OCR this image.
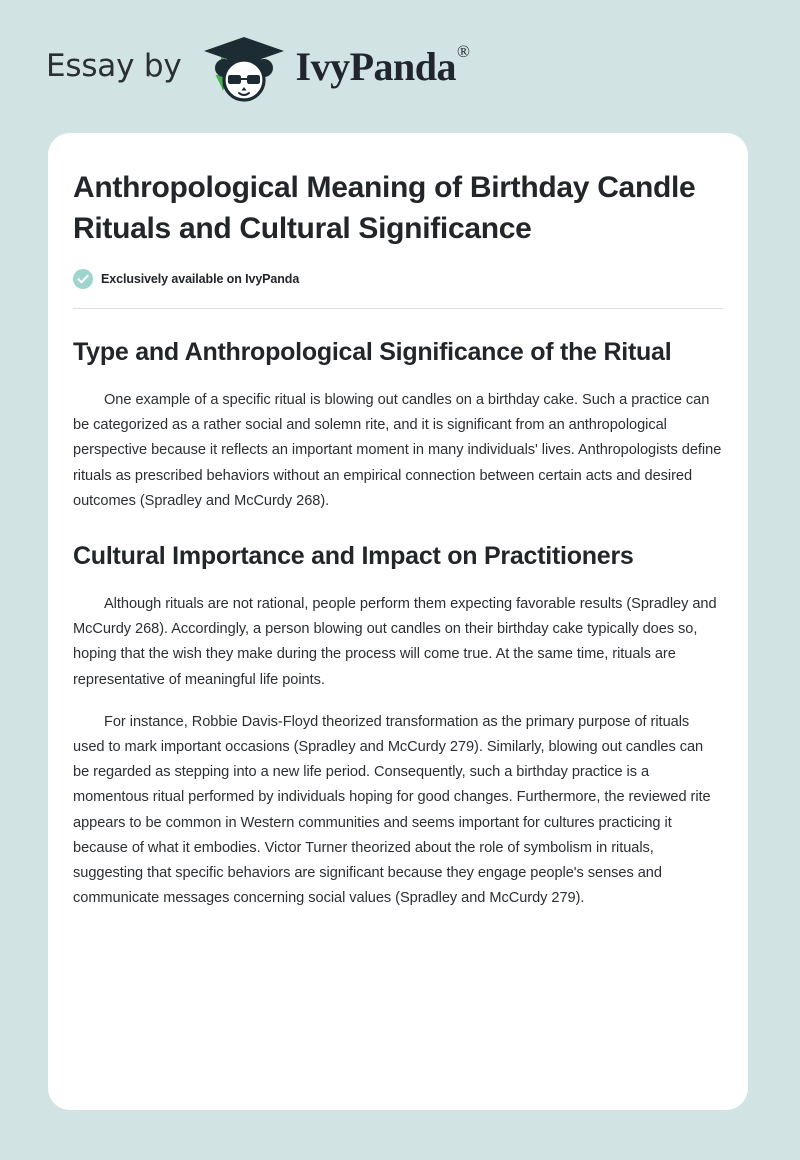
Essay by	IvyPanda®
Anthropological Meaning of Birthday Candle Rituals and Cultural Significance
Exclusively available on IvyPanda
Type and Anthropological Significance of the Ritual

One example of a specific ritual is blowing out candles on a birthday cake. Such a practice can be categorized as a rather social and solemn rite, and it is significant from an anthropological perspective because it reflects an important moment in many individuals' lives. Anthropologists define rituals as prescribed behaviors without an empirical connection between certain acts and desired outcomes (Spradley and McCurdy 268).

Cultural Importance and Impact on Practitioners

Although rituals are not rational, people perform them expecting favorable results (Spradley and McCurdy 268). Accordingly, a person blowing out candles on their birthday cake typically does so, hoping that the wish they make during the process will come true. At the same time, rituals are representative of meaningful life points.

For instance, Robbie Davis-Floyd theorized transformation as the primary purpose of rituals used to mark important occasions (Spradley and McCurdy 279). Similarly, blowing out candles can be regarded as stepping into a new life period. Consequently, such a birthday practice is a momentous ritual performed by individuals hoping for good changes. Furthermore, the reviewed rite appears to be common in Western communities and seems important for cultures practicing it because of what it embodies. Victor Turner theorized about the role of symbolism in rituals, suggesting that specific behaviors are significant because they engage people's senses and communicate messages concerning social values (Spradley and McCurdy 279).
